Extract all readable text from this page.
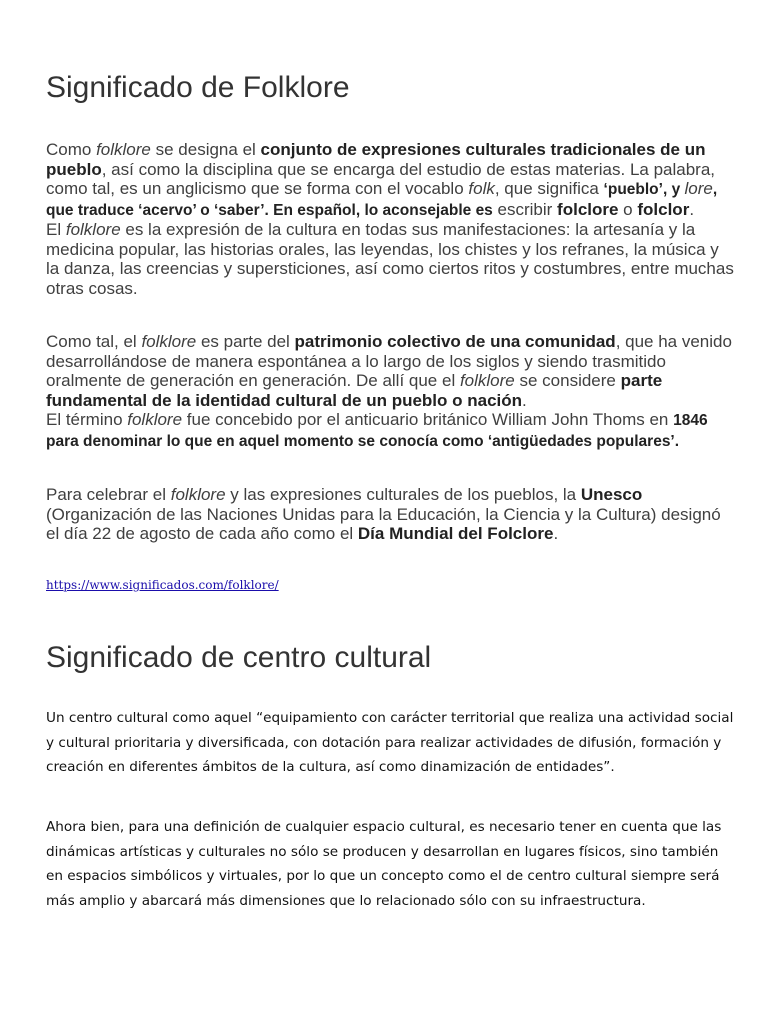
Significado de Folklore

Como folklore se designa el conjunto de expresiones culturales tradicionales de un pueblo, así como la disciplina que se encarga del estudio de estas materias. La palabra, como tal, es un anglicismo que se forma con el vocablo folk, que significa ‘pueblo’, y lore, que traduce ‘acervo’ o ‘saber’. En español, lo aconsejable es escribir folclore o folclor.
El folklore es la expresión de la cultura en todas sus manifestaciones: la artesanía y la medicina popular, las historias orales, las leyendas, los chistes y los refranes, la música y la danza, las creencias y supersticiones, así como ciertos ritos y costumbres, entre muchas otras cosas.

Como tal, el folklore es parte del patrimonio colectivo de una comunidad, que ha venido desarrollándose de manera espontánea a lo largo de los siglos y siendo trasmitido oralmente de generación en generación. De allí que el folklore se considere parte fundamental de la identidad cultural de un pueblo o nación.
El término folklore fue concebido por el anticuario británico William John Thoms en 1846 para denominar lo que en aquel momento se conocía como ‘antigüedades populares’.

Para celebrar el folklore y las expresiones culturales de los pueblos, la Unesco (Organización de las Naciones Unidas para la Educación, la Ciencia y la Cultura) designó el día 22 de agosto de cada año como el Día Mundial del Folclore.

https://www.significados.com/folklore/
Significado de centro cultural

Un centro cultural como aquel “equipamiento con carácter territorial que realiza una actividad social y cultural prioritaria y diversificada, con dotación para realizar actividades de difusión, formación y creación en diferentes ámbitos de la cultura, así como dinamización de entidades”.

Ahora bien, para una definición de cualquier espacio cultural, es necesario tener en cuenta que las dinámicas artísticas y culturales no sólo se producen y desarrollan en lugares físicos, sino también en espacios simbólicos y virtuales, por lo que un concepto como el de centro cultural siempre será más amplio y abarcará más dimensiones que lo relacionado sólo con su infraestructura.
